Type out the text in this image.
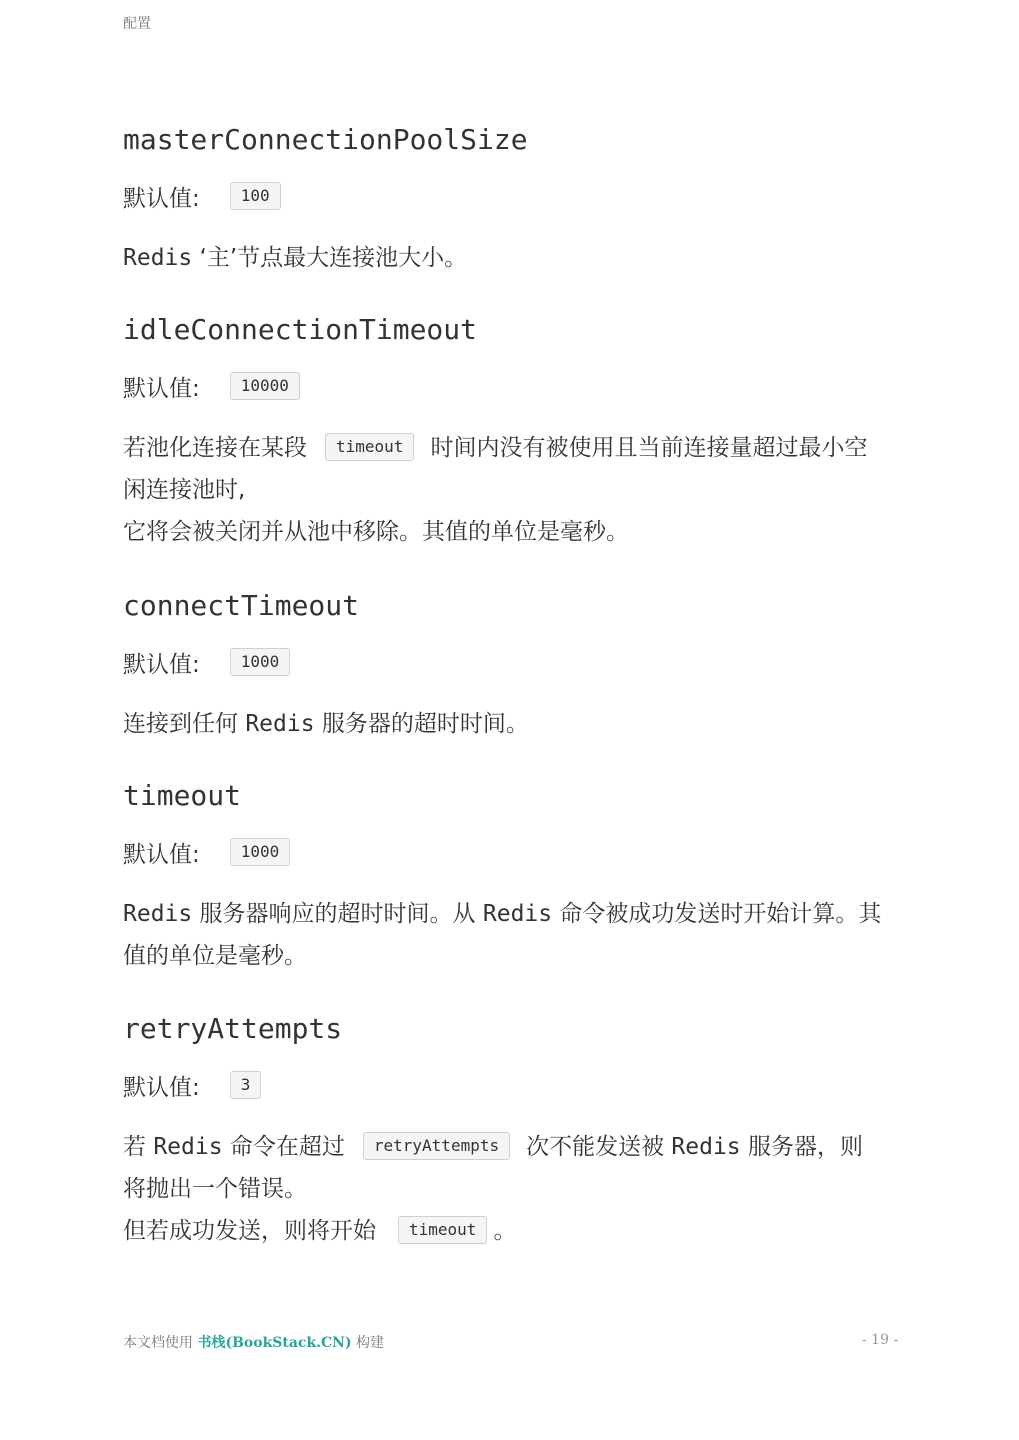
配置
masterConnectionPoolSize
默认值:	100
Redis ‘主’节点最大连接池大小。
idleConnectionTimeout
默认值:	10000
若池化连接在某段 timeout 时间内没有被使用且当前连接量超过最小空闲连接池时,
它将会被关闭并从池中移除。其值的单位是毫秒。
connectTimeout
默认值:	1000
连接到任何 Redis 服务器的超时时间。
timeout
默认值:	1000
Redis 服务器响应的超时时间。从 Redis 命令被成功发送时开始计算。其值的单位是毫秒。
retryAttempts
默认值:	3
若 Redis 命令在超过 retryAttempts 次不能发送被 Redis 服务器，则将抛出一个错误。
但若成功发送，则将开始 timeout 。
本文档使用 书栈(BookStack.CN) 构建	- 19 -
